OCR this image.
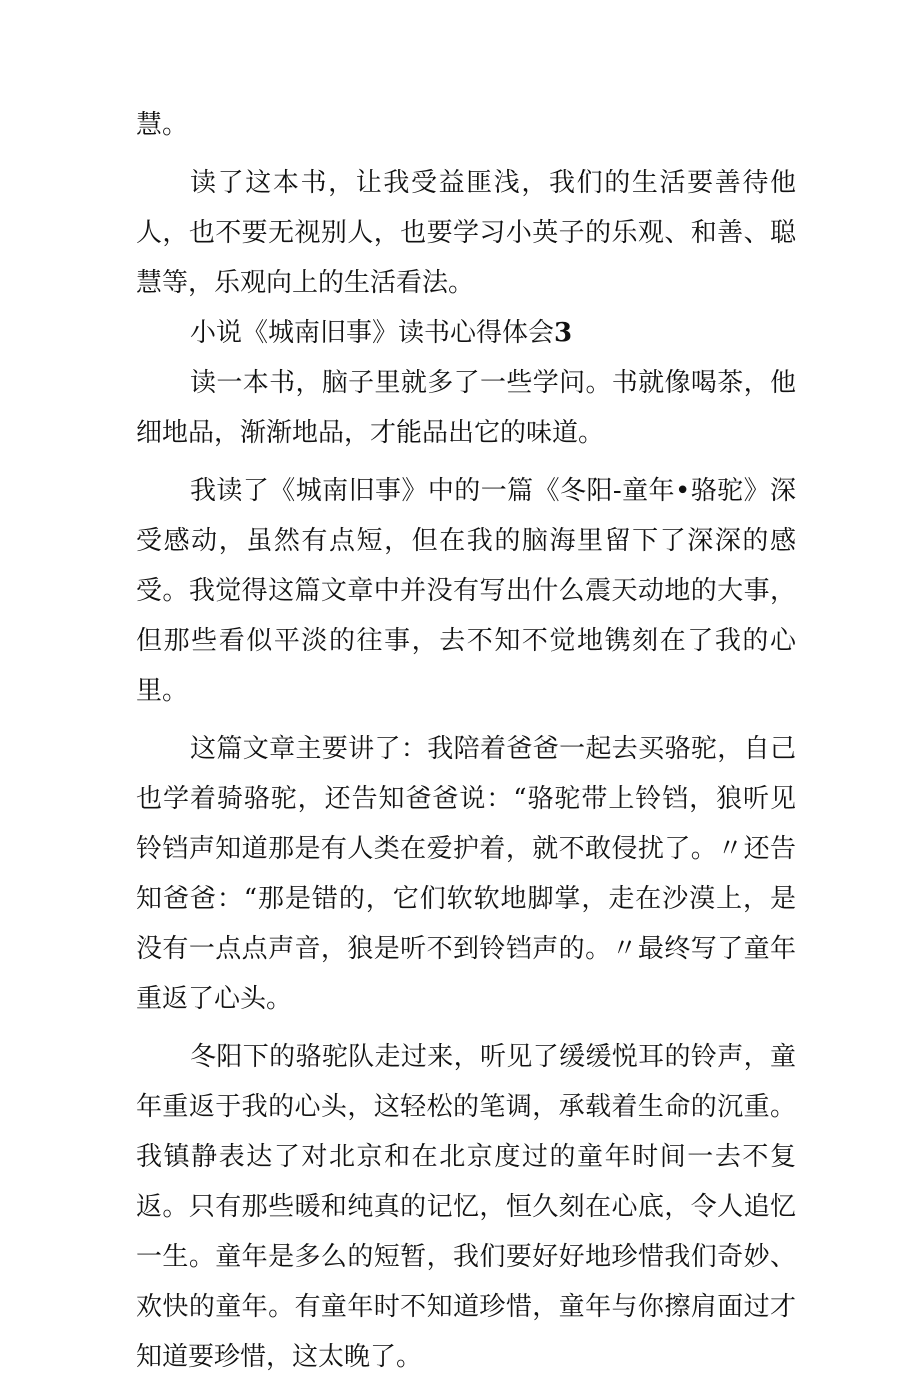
慧。

读了这本书，让我受益匪浅，我们的生活要善待他人，也不要无视别人，也要学习小英子的乐观、和善、聪慧等，乐观向上的生活看法。

小说《城南旧事》读书心得体会3

读一本书，脑子里就多了一些学问。书就像喝茶，他细地品，渐渐地品，才能品出它的味道。

我读了《城南旧事》中的一篇《冬阳-童年•骆驼》深受感动，虽然有点短，但在我的脑海里留下了深深的感受。我觉得这篇文章中并没有写出什么震天动地的大事，但那些看似平淡的往事，去不知不觉地镌刻在了我的心里。

这篇文章主要讲了：我陪着爸爸一起去买骆驼，自己也学着骑骆驼，还告知爸爸说：“骆驼带上铃铛，狼听见铃铛声知道那是有人类在爱护着，就不敢侵扰了。〃还告知爸爸：“那是错的，它们软软地脚掌，走在沙漠上，是没有一点点声音，狼是听不到铃铛声的。〃最终写了童年重返了心头。

冬阳下的骆驼队走过来，听见了缓缓悦耳的铃声，童年重返于我的心头，这轻松的笔调，承载着生命的沉重。我镇静表达了对北京和在北京度过的童年时间一去不复返。只有那些暖和纯真的记忆，恒久刻在心底，令人追忆一生。童年是多么的短暂，我们要好好地珍惜我们奇妙、欢快的童年。有童年时不知道珍惜，童年与你擦肩面过才知道要珍惜，这太晚了。
